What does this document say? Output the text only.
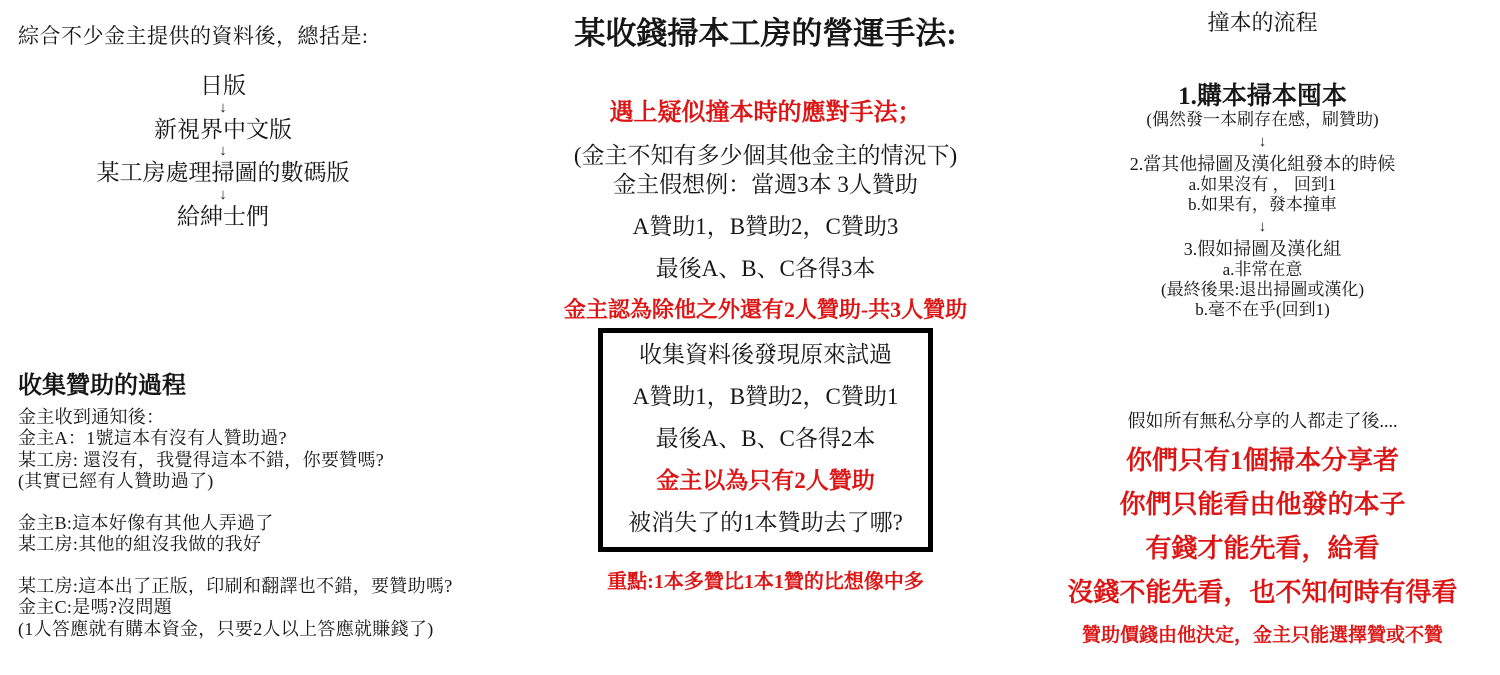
綜合不少金主提供的資料後，總括是:
日版
↓
新視界中文版
↓
某工房處理掃圖的數碼版
↓
給紳士們
收集贊助的過程
金主收到通知後：
金主A：1號這本有沒有人贊助過?
某工房: 還沒有，我覺得這本不錯，你要贊嗎?
(其實已經有人贊助過了)
金主B:這本好像有其他人弄過了
某工房:其他的組沒我做的我好
某工房:這本出了正版，印刷和翻譯也不錯，要贊助嗎?
金主C:是嗎?沒問題
(1人答應就有購本資金，只要2人以上答應就賺錢了)
某收錢掃本工房的營運手法:
遇上疑似撞本時的應對手法；
(金主不知有多少個其他金主的情況下)
金主假想例：當週3本 3人贊助
A贊助1，B贊助2，C贊助3
最後A、B、C各得3本
金主認為除他之外還有2人贊助-共3人贊助
收集資料後發現原來試過
A贊助1，B贊助2，C贊助1
最後A、B、C各得2本
金主以為只有2人贊助
被消失了的1本贊助去了哪?
重點:1本多贊比1本1贊的比想像中多
撞本的流程
1.購本掃本囤本
(偶然發一本刷存在感，刷贊助)
↓
2.當其他掃圖及漢化組發本的時候
a.如果沒有 ， 回到1
b.如果有，發本撞車
↓
3.假如掃圖及漢化組
a.非常在意
(最終後果:退出掃圖或漢化)
b.毫不在乎(回到1)
假如所有無私分享的人都走了後....
你們只有1個掃本分享者
你們只能看由他發的本子
有錢才能先看，給看
沒錢不能先看，也不知何時有得看
贊助價錢由他決定，金主只能選擇贊或不贊
